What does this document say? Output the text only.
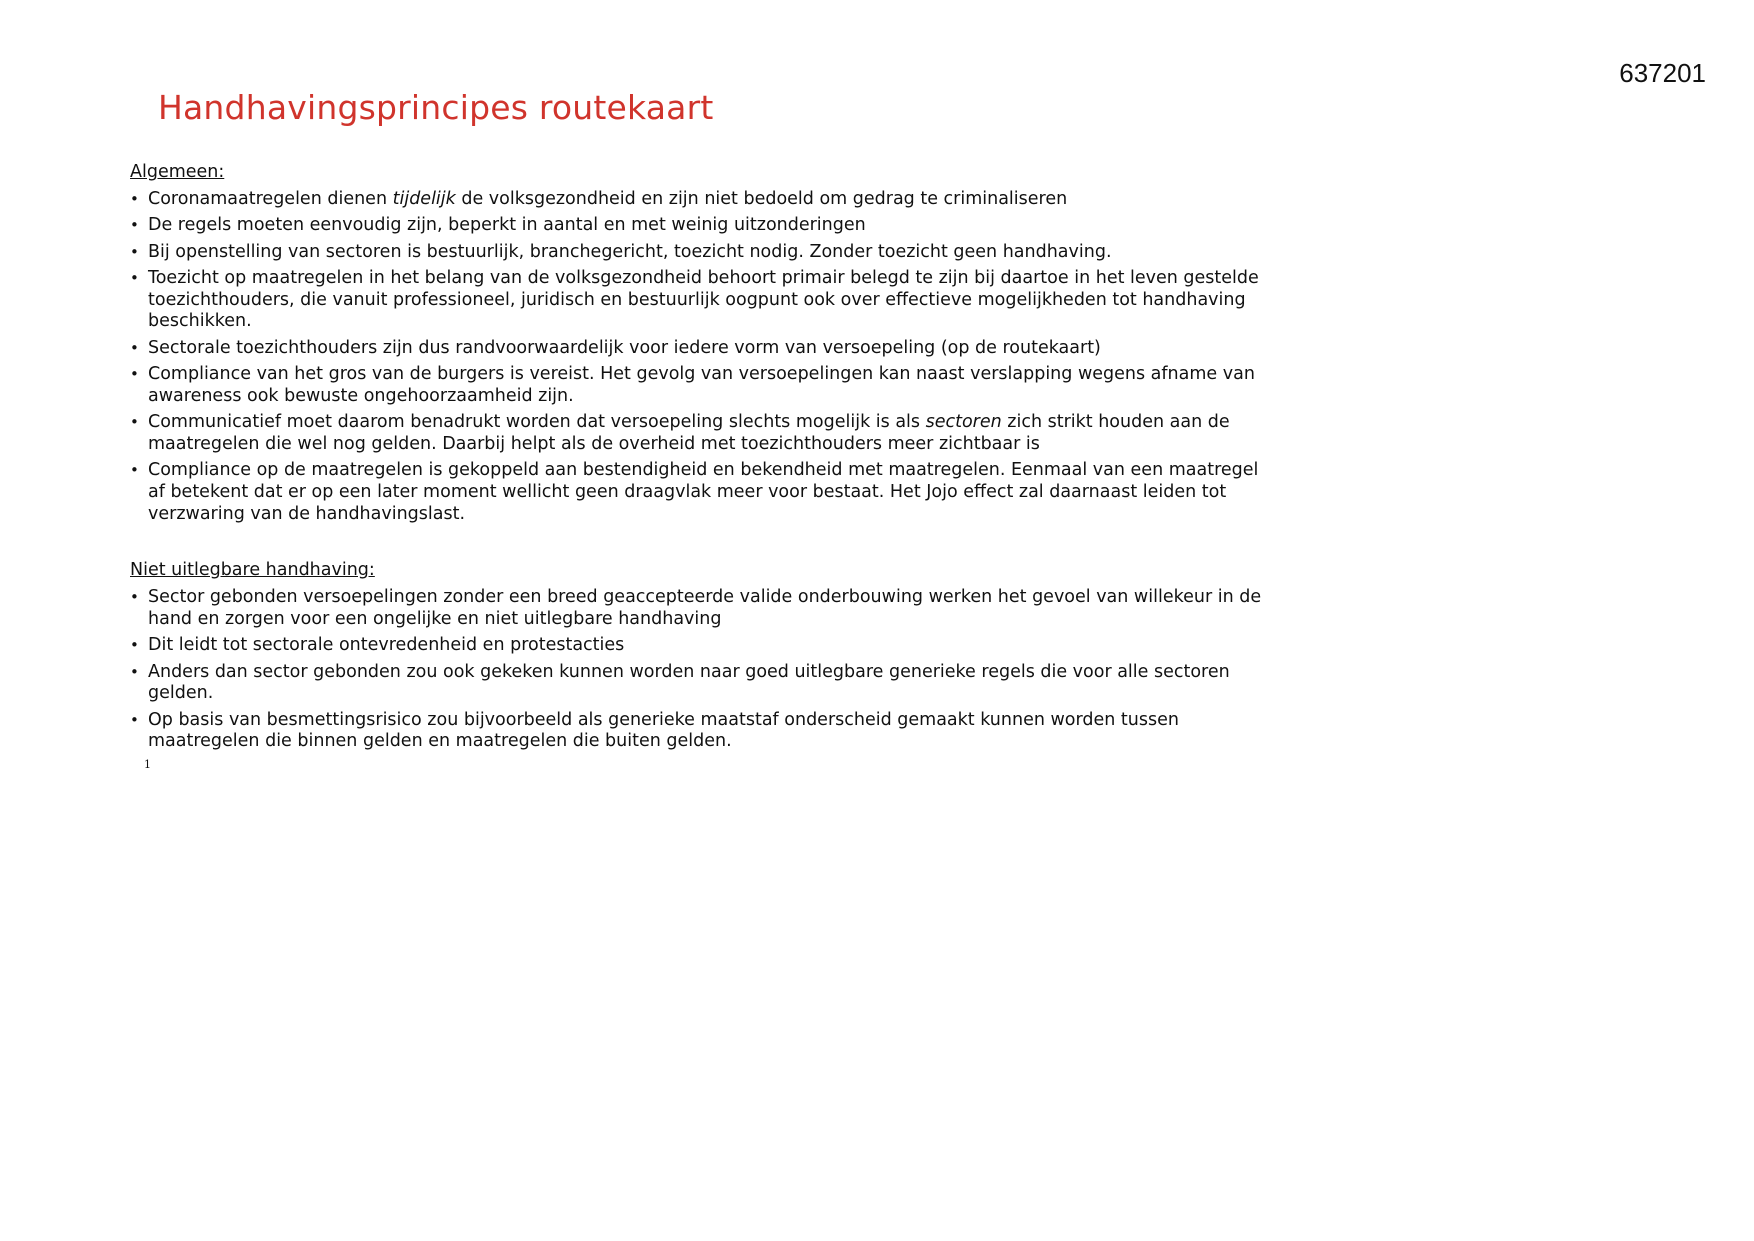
637201
Handhavingsprincipes routekaart
Algemeen:
• Coronamaatregelen dienen tijdelijk de volksgezondheid en zijn niet bedoeld om gedrag te criminaliseren
• De regels moeten eenvoudig zijn, beperkt in aantal en met weinig uitzonderingen
• Bij openstelling van sectoren is bestuurlijk, branchegericht, toezicht nodig. Zonder toezicht geen handhaving.
• Toezicht op maatregelen in het belang van de volksgezondheid behoort primair belegd te zijn bij daartoe in het leven gestelde toezichthouders, die vanuit professioneel, juridisch en bestuurlijk oogpunt ook over effectieve mogelijkheden tot handhaving beschikken.
• Sectorale toezichthouders zijn dus randvoorwaardelijk voor iedere vorm van versoepeling (op de routekaart)
• Compliance van het gros van de burgers is vereist. Het gevolg van versoepelingen kan naast verslapping wegens afname van awareness ook bewuste ongehoorzaamheid zijn.
• Communicatief moet daarom benadrukt worden dat versoepeling slechts mogelijk is als sectoren zich strikt houden aan de maatregelen die wel nog gelden. Daarbij helpt als de overheid met toezichthouders meer zichtbaar is
• Compliance op de maatregelen is gekoppeld aan bestendigheid en bekendheid met maatregelen. Eenmaal van een maatregel af betekent dat er op een later moment wellicht geen draagvlak meer voor bestaat. Het Jojo effect zal daarnaast leiden tot verzwaring van de handhavingslast.
Niet uitlegbare handhaving:
• Sector gebonden versoepelingen zonder een breed geaccepteerde valide onderbouwing werken het gevoel van willekeur in de hand en zorgen voor een ongelijke en niet uitlegbare handhaving
• Dit leidt tot sectorale ontevredenheid en protestacties
• Anders dan sector gebonden zou ook gekeken kunnen worden naar goed uitlegbare generieke regels die voor alle sectoren gelden.
• Op basis van besmettingsrisico zou bijvoorbeeld als generieke maatstaf onderscheid gemaakt kunnen worden tussen maatregelen die binnen gelden en maatregelen die buiten gelden.
1
